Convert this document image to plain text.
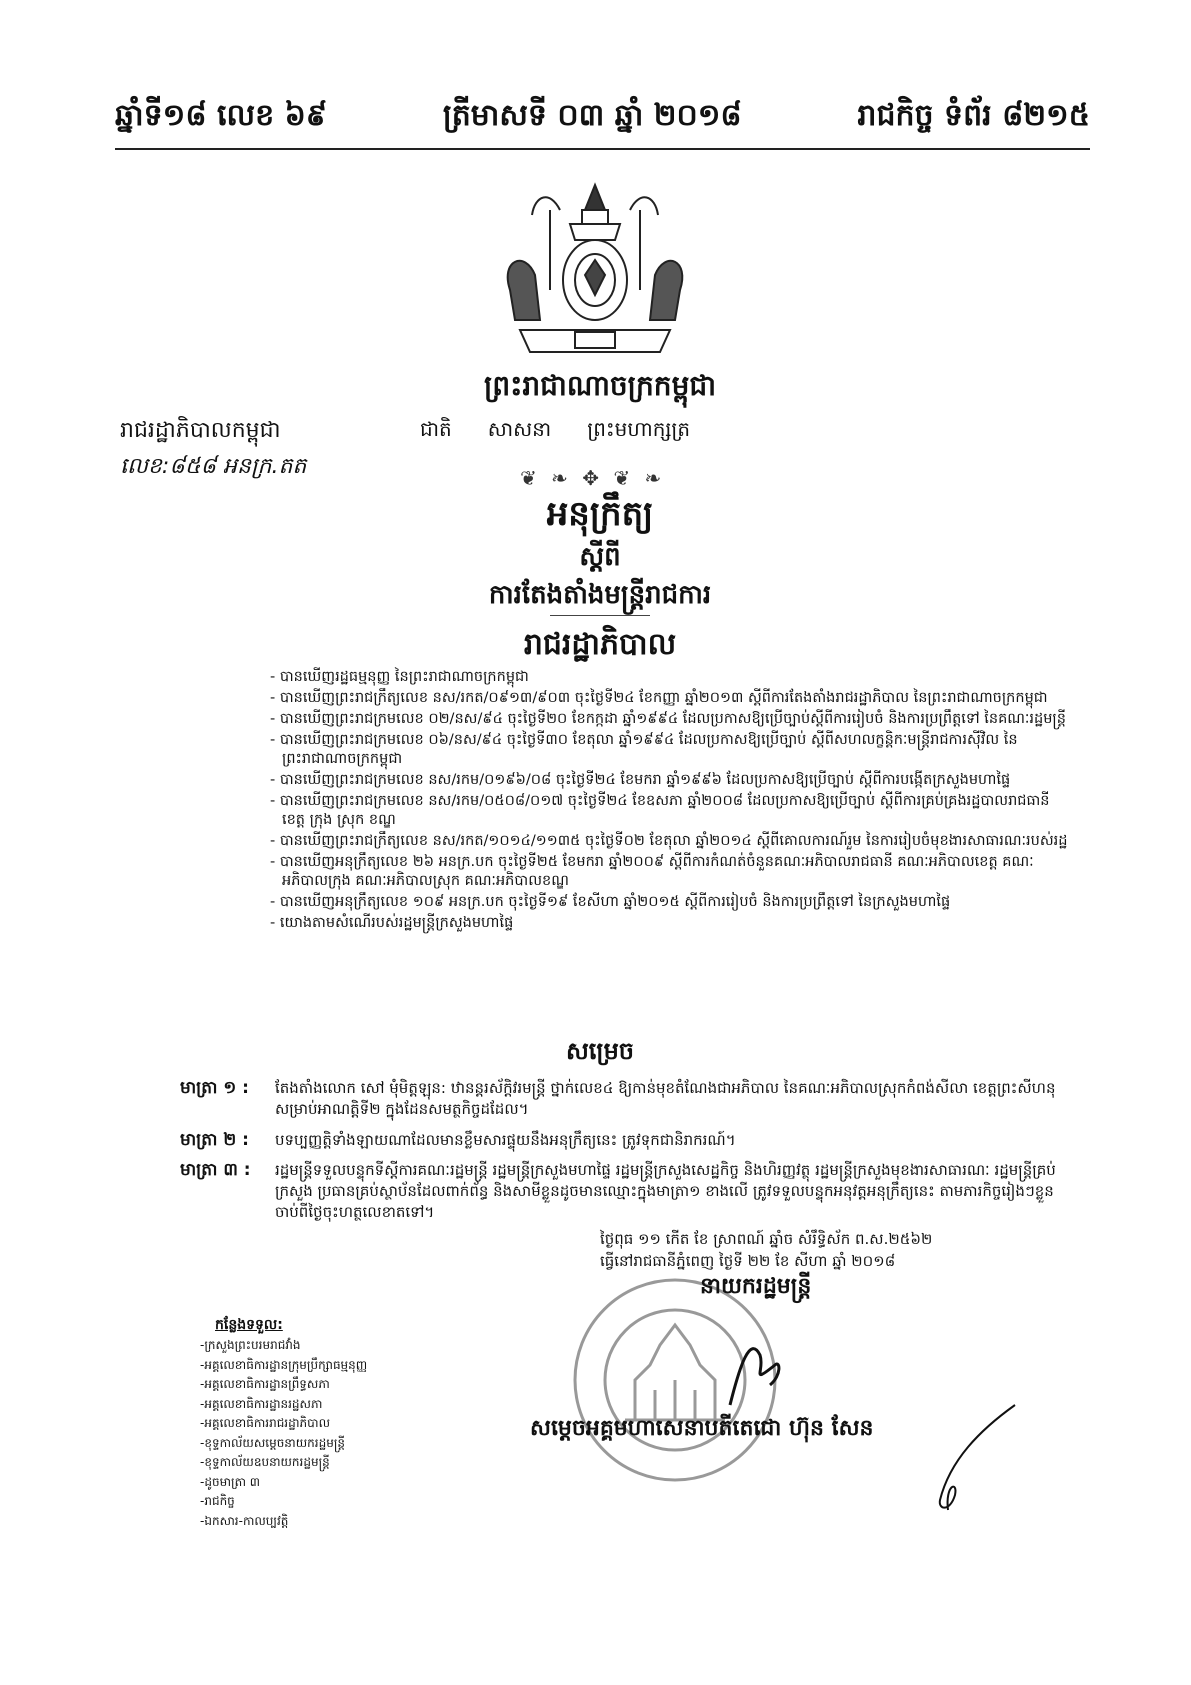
ឆ្នាំទី១៨ លេខ ៦៩	ត្រីមាសទី ០៣ ឆ្នាំ ២០១៨	រាជកិច្ច ទំព័រ ៨២១៥
ព្រះរាជាណាចក្រកម្ពុជា
រាជរដ្ឋាភិបាលកម្ពុជា	ជាតិ សាសនា ព្រះមហាក្សត្រ
លេខ:៨៥៨ អនក្រ.តត	❦ ❧ ✥ ❦ ❧
អនុក្រឹត្យ
ស្តីពី
ការតែងតាំងមន្ត្រីរាជការ
រាជរដ្ឋាភិបាល
- បានឃើញរដ្ឋធម្មនុញ្ញ នៃព្រះរាជាណាចក្រកម្ពុជា
- បានឃើញព្រះរាជក្រឹត្យលេខ នស/រកត/០៩១៣/៩០៣ ចុះថ្ងៃទី២៤ ខែកញ្ញា ឆ្នាំ២០១៣ ស្តីពីការតែងតាំងរាជរដ្ឋាភិបាល នៃព្រះរាជាណាចក្រកម្ពុជា
- បានឃើញព្រះរាជក្រមលេខ ០២/នស/៩៤ ចុះថ្ងៃទី២០ ខែកក្កដា ឆ្នាំ១៩៩៤ ដែលប្រកាសឱ្យប្រើច្បាប់ស្តីពីការរៀបចំ និងការប្រព្រឹត្តទៅ នៃគណៈរដ្ឋមន្ត្រី
- បានឃើញព្រះរាជក្រមលេខ ០៦/នស/៩៤ ចុះថ្ងៃទី៣០ ខែតុលា ឆ្នាំ១៩៩៤ ដែលប្រកាសឱ្យប្រើច្បាប់ ស្តីពីសហលក្ខន្តិកៈមន្ត្រីរាជការស៊ីវិល នៃព្រះរាជាណាចក្រកម្ពុជា
- បានឃើញព្រះរាជក្រមលេខ នស/រកម/០១៩៦/០៨ ចុះថ្ងៃទី២៤ ខែមករា ឆ្នាំ១៩៩៦ ដែលប្រកាសឱ្យប្រើច្បាប់ ស្តីពីការបង្កើតក្រសួងមហាផ្ទៃ
- បានឃើញព្រះរាជក្រមលេខ នស/រកម/០៥០៨/០១៧ ចុះថ្ងៃទី២៤ ខែឧសភា ឆ្នាំ២០០៨ ដែលប្រកាសឱ្យប្រើច្បាប់ ស្តីពីការគ្រប់គ្រងរដ្ឋបាលរាជធានី ខេត្ត ក្រុង ស្រុក ខណ្ឌ
- បានឃើញព្រះរាជក្រឹត្យលេខ នស/រកត/១០១៤/១១៣៥ ចុះថ្ងៃទី០២ ខែតុលា ឆ្នាំ២០១៤ ស្តីពីគោលការណ៍រួម នៃការរៀបចំមុខងារសាធារណៈរបស់រដ្ឋ
- បានឃើញអនុក្រឹត្យលេខ ២៦ អនក្រ.បក ចុះថ្ងៃទី២៥ ខែមករា ឆ្នាំ២០០៩ ស្តីពីការកំណត់ចំនួនគណៈអភិបាលរាជធានី គណៈអភិបាលខេត្ត គណៈអភិបាលក្រុង គណៈអភិបាលស្រុក គណៈអភិបាលខណ្ឌ
- បានឃើញអនុក្រឹត្យលេខ ១០៩ អនក្រ.បក ចុះថ្ងៃទី១៩ ខែសីហា ឆ្នាំ២០១៥ ស្តីពីការរៀបចំ និងការប្រព្រឹត្តទៅ នៃក្រសួងមហាផ្ទៃ
- យោងតាមសំណើរបស់រដ្ឋមន្ត្រីក្រសួងមហាផ្ទៃ
សម្រេច
មាត្រា ១ :	តែងតាំងលោក សៅ មុំមិត្តឡុន: ឋានន្តរស័ក្តិវរមន្ត្រី ថ្នាក់លេខ៤ ឱ្យកាន់មុខតំណែងជាអភិបាល នៃគណៈអភិបាលស្រុកកំពង់សីលា ខេត្តព្រះសីហនុ សម្រាប់អាណត្តិទី២ ក្នុងដែនសមត្ថកិច្ចដដែល។
មាត្រា ២ :	បទប្បញ្ញត្តិទាំងឡាយណាដែលមានខ្លឹមសារផ្ទុយនឹងអនុក្រឹត្យនេះ ត្រូវទុកជានិរាករណ៍។
មាត្រា ៣ :	រដ្ឋមន្ត្រីទទួលបន្ទុកទីស្តីការគណៈរដ្ឋមន្ត្រី រដ្ឋមន្ត្រីក្រសួងមហាផ្ទៃ រដ្ឋមន្ត្រីក្រសួងសេដ្ឋកិច្ច និងហិរញ្ញវត្ថុ រដ្ឋមន្ត្រីក្រសួងមុខងារសាធារណៈ រដ្ឋមន្ត្រីគ្រប់ក្រសួង ប្រធានគ្រប់ស្ថាប័នដែលពាក់ព័ន្ធ និងសាមីខ្លួនដូចមានឈ្មោះក្នុងមាត្រា១ ខាងលើ ត្រូវទទួលបន្ទុកអនុវត្តអនុក្រឹត្យនេះ តាមភារកិច្ចរៀងៗខ្លួនចាប់ពីថ្ងៃចុះហត្ថលេខាតទៅ។
ថ្ងៃពុធ ១១ កើត ខែ ស្រាពណ៍ ឆ្នាំច សំរឹទ្ធិស័ក ព.ស.២៥៦២
ធ្វើនៅរាជធានីភ្នំពេញ ថ្ងៃទី ២២ ខែ សីហា ឆ្នាំ ២០១៨
នាយករដ្ឋមន្ត្រី
កន្លែងទទួល:
-ក្រសួងព្រះបរមរាជវាំង
-អគ្គលេខាធិការដ្ឋានក្រុមប្រឹក្សាធម្មនុញ្ញ
-អគ្គលេខាធិការដ្ឋានព្រឹទ្ធសភា
-អគ្គលេខាធិការដ្ឋានរដ្ឋសភា
-អគ្គលេខាធិការរាជរដ្ឋាភិបាល
-ខុទ្ទកាល័យសម្តេចនាយករដ្ឋមន្ត្រី
-ខុទ្ទកាល័យឧបនាយករដ្ឋមន្ត្រី
-ដូចមាត្រា ៣
-រាជកិច្ច
-ឯកសារ-កាលប្បវត្តិ
សម្តេចអគ្គមហាសេនាបតីតេជោ ហ៊ុន សែន
